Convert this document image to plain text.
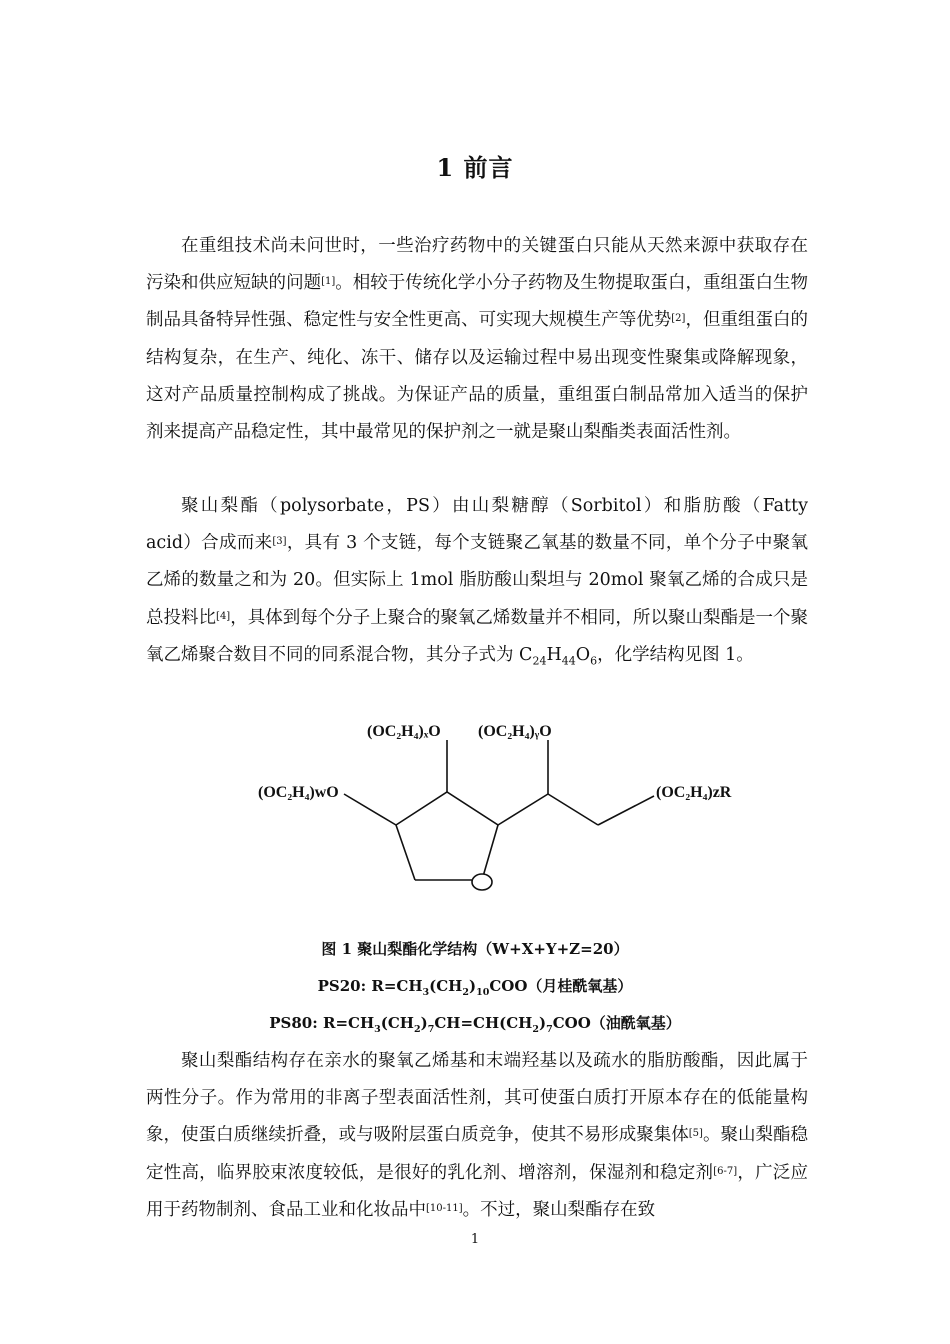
1 前言

在重组技术尚未问世时，一些治疗药物中的关键蛋白只能从天然来源中获取存在污染和供应短缺的问题[1]。相较于传统化学小分子药物及生物提取蛋白，重组蛋白生物制品具备特异性强、稳定性与安全性更高、可实现大规模生产等优势[2]，但重组蛋白的结构复杂，在生产、纯化、冻干、储存以及运输过程中易出现变性聚集或降解现象，这对产品质量控制构成了挑战。为保证产品的质量，重组蛋白制品常加入适当的保护剂来提高产品稳定性，其中最常见的保护剂之一就是聚山梨酯类表面活性剂。

聚山梨酯（polysorbate，PS）由山梨糖醇（Sorbitol）和脂肪酸（Fatty acid）合成而来[3]，具有 3 个支链，每个支链聚乙氧基的数量不同，单个分子中聚氧乙烯的数量之和为 20。但实际上 1mol 脂肪酸山梨坦与 20mol 聚氧乙烯的合成只是总投料比[4]，具体到每个分子上聚合的聚氧乙烯数量并不相同，所以聚山梨酯是一个聚氧乙烯聚合数目不同的同系混合物，其分子式为 $C_{24}H_{44}O_6$，化学结构见图 1。

(OC₂H₄)ₓO (OC₂H₄)ᵧO
(OC₂H₄)wO	(OC₂H₄)zR
图 1 聚山梨酯化学结构（W+X+Y+Z=20）
PS20: $R=CH_3(CH_2)_{10}COO$（月桂酰氧基）
PS80: $R=CH_3(CH_2)_7CH=CH(CH_2)_7COO$（油酰氧基）

聚山梨酯结构存在亲水的聚氧乙烯基和末端羟基以及疏水的脂肪酸酯，因此属于两性分子。作为常用的非离子型表面活性剂，其可使蛋白质打开原本存在的低能量构象，使蛋白质继续折叠，或与吸附层蛋白质竞争，使其不易形成聚集体[5]。聚山梨酯稳定性高，临界胶束浓度较低，是很好的乳化剂、增溶剂，保湿剂和稳定剂[6-7]，广泛应用于药物制剂、食品工业和化妆品中[10-11]。不过，聚山梨酯存在致

1
